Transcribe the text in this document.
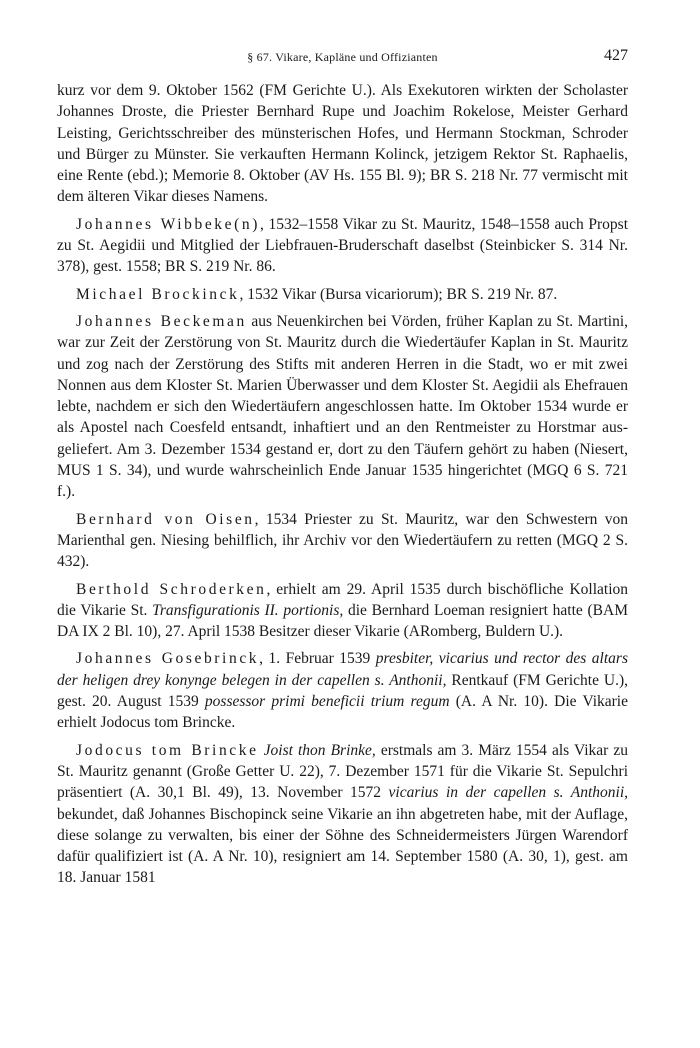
§ 67. Vikare, Kapläne und Offizianten	427

kurz vor dem 9. Oktober 1562 (FM Gerichte U.). Als Exekutoren wirkten der Scholaster Johannes Droste, die Priester Bernhard Rupe und Joachim Rokelose, Meister Gerhard Leisting, Gerichtsschreiber des münsterischen Hofes, und Hermann Stockman, Schroder und Bürger zu Münster. Sie verkauften Hermann Kolinck, jetzigem Rektor St. Raphaelis, eine Rente (ebd.); Memorie 8. Oktober (AV Hs. 155 Bl. 9); BR S. 218 Nr. 77 vermischt mit dem älteren Vikar dieses Namens.

Johannes Wibbeke(n), 1532–1558 Vikar zu St. Mauritz, 1548–1558 auch Propst zu St. Aegidii und Mitglied der Liebfrauen-Bruderschaft daselbst (Steinbicker S. 314 Nr. 378), gest. 1558; BR S. 219 Nr. 86.

Michael Brockinck, 1532 Vikar (Bursa vicariorum); BR S. 219 Nr. 87.

Johannes Beckeman aus Neuenkirchen bei Vörden, früher Kaplan zu St. Martini, war zur Zeit der Zerstörung von St. Mauritz durch die Wiedertäufer Kaplan in St. Mauritz und zog nach der Zerstörung des Stifts mit anderen Herren in die Stadt, wo er mit zwei Nonnen aus dem Kloster St. Marien Überwasser und dem Kloster St. Aegidii als Ehefrauen lebte, nachdem er sich den Wiedertäufern angeschlossen hatte. Im Oktober 1534 wurde er als Apostel nach Coesfeld entsandt, inhaftiert und an den Rentmeister zu Horstmar ausgeliefert. Am 3. Dezember 1534 gestand er, dort zu den Täufern gehört zu haben (Niesert, MUS 1 S. 34), und wurde wahrscheinlich Ende Januar 1535 hingerichtet (MGQ 6 S. 721 f.).

Bernhard von Oisen, 1534 Priester zu St. Mauritz, war den Schwestern von Marienthal gen. Niesing behilflich, ihr Archiv vor den Wiedertäufern zu retten (MGQ 2 S. 432).

Berthold Schroderken, erhielt am 29. April 1535 durch bischöfliche Kollation die Vikarie St. Transfigurationis II. portionis, die Bernhard Loeman resigniert hatte (BAM DA IX 2 Bl. 10), 27. April 1538 Besitzer dieser Vikarie (ARomberg, Buldern U.).

Johannes Gosebrinck, 1. Februar 1539 presbiter, vicarius und rector des altars der heligen drey konynge belegen in der capellen s. Anthonii, Rentkauf (FM Gerichte U.), gest. 20. August 1539 possessor primi beneficii trium regum (A. A Nr. 10). Die Vikarie erhielt Jodocus tom Brincke.

Jodocus tom Brincke Joist thon Brinke, erstmals am 3. März 1554 als Vikar zu St. Mauritz genannt (Große Getter U. 22), 7. Dezember 1571 für die Vikarie St. Sepulchri präsentiert (A. 30,1 Bl. 49), 13. November 1572 vicarius in der capellen s. Anthonii, bekundet, daß Johannes Bischopinck seine Vikarie an ihn abgetreten habe, mit der Auflage, diese solange zu verwalten, bis einer der Söhne des Schneidermeisters Jürgen Warendorf dafür qualifiziert ist (A. A Nr. 10), resigniert am 14. September 1580 (A. 30, 1), gest. am 18. Januar 1581
